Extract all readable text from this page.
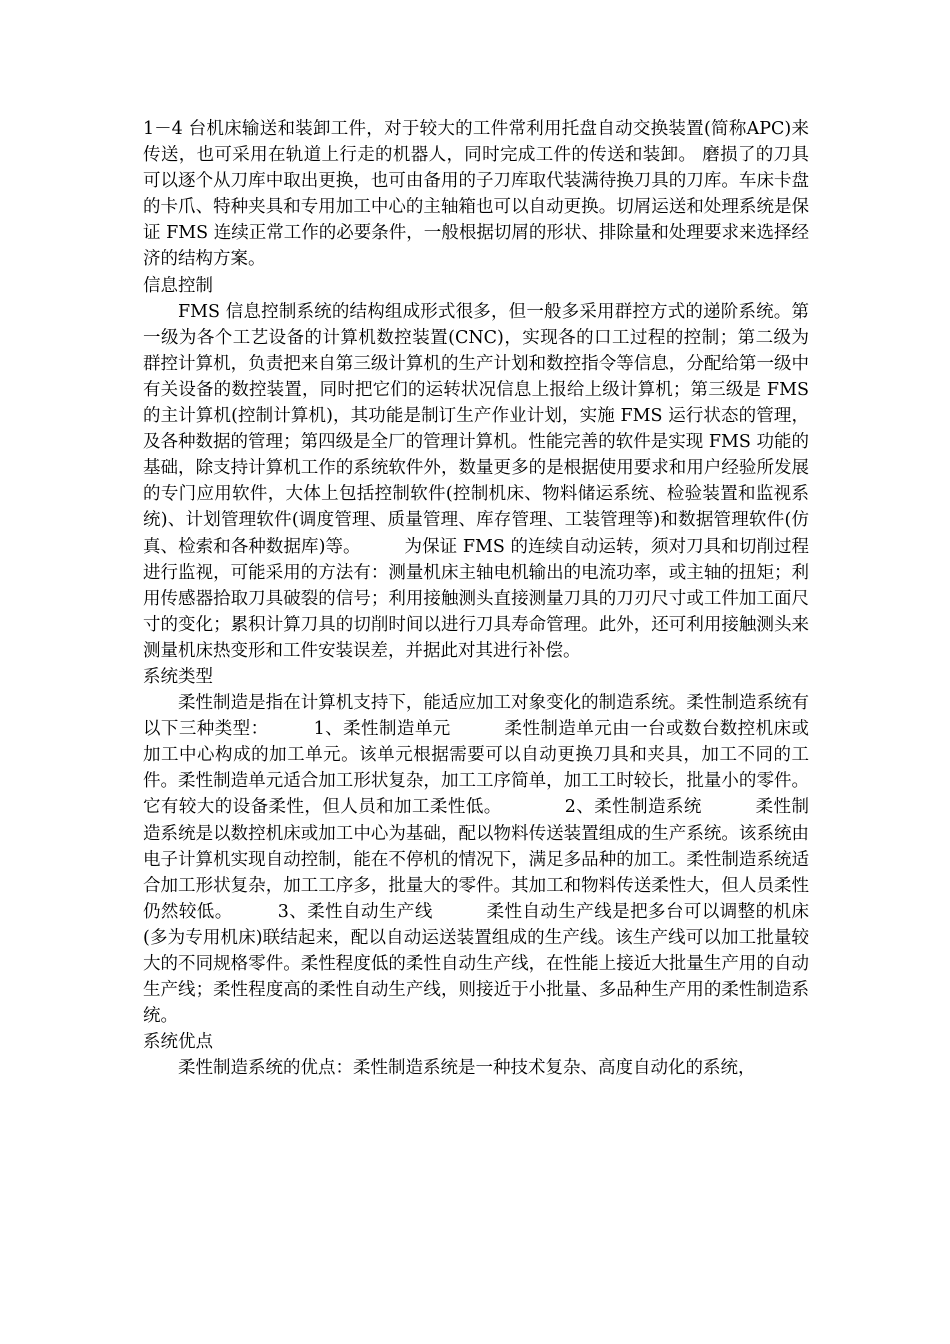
1－4 台机床输送和装卸工件，对于较大的工件常利用托盘自动交换装置(简称APC)来传送，也可采用在轨道上行走的机器人，同时完成工件的传送和装卸。 磨损了的刀具可以逐个从刀库中取出更换，也可由备用的子刀库取代装满待换刀具的刀库。车床卡盘的卡爪、特种夹具和专用加工中心的主轴箱也可以自动更换。切屑运送和处理系统是保证 FMS 连续正常工作的必要条件，一般根据切屑的形状、排除量和处理要求来选择经济的结构方案。

信息控制

FMS 信息控制系统的结构组成形式很多，但一般多采用群控方式的递阶系统。第一级为各个工艺设备的计算机数控装置(CNC)，实现各的口工过程的控制；第二级为群控计算机，负责把来自第三级计算机的生产计划和数控指令等信息，分配给第一级中有关设备的数控装置，同时把它们的运转状况信息上报给上级计算机；第三级是 FMS 的主计算机(控制计算机)，其功能是制订生产作业计划，实施 FMS 运行状态的管理，及各种数据的管理；第四级是全厂的管理计算机。性能完善的软件是实现 FMS 功能的基础，除支持计算机工作的系统软件外，数量更多的是根据使用要求和用户经验所发展的专门应用软件，大体上包括控制软件(控制机床、物料储运系统、检验装置和监视系统)、计划管理软件(调度管理、质量管理、库存管理、工装管理等)和数据管理软件(仿真、检索和各种数据库)等。　　　为保证 FMS 的连续自动运转，须对刀具和切削过程进行监视，可能采用的方法有：测量机床主轴电机输出的电流功率，或主轴的扭矩；利用传感器拾取刀具破裂的信号；利用接触测头直接测量刀具的刀刃尺寸或工件加工面尺寸的变化；累积计算刀具的切削时间以进行刀具寿命管理。此外，还可利用接触测头来测量机床热变形和工件安装误差，并据此对其进行补偿。

系统类型

柔性制造是指在计算机支持下，能适应加工对象变化的制造系统。柔性制造系统有以下三种类型：　　　1、柔性制造单元　　　柔性制造单元由一台或数台数控机床或加工中心构成的加工单元。该单元根据需要可以自动更换刀具和夹具，加工不同的工件。柔性制造单元适合加工形状复杂，加工工序简单，加工工时较长，批量小的零件。它有较大的设备柔性，但人员和加工柔性低。　　　　2、柔性制造系统　　　柔性制造系统是以数控机床或加工中心为基础，配以物料传送装置组成的生产系统。该系统由电子计算机实现自动控制，能在不停机的情况下，满足多品种的加工。柔性制造系统适合加工形状复杂，加工工序多，批量大的零件。其加工和物料传送柔性大，但人员柔性仍然较低。　　　3、柔性自动生产线　　　柔性自动生产线是把多台可以调整的机床(多为专用机床)联结起来，配以自动运送装置组成的生产线。该生产线可以加工批量较大的不同规格零件。柔性程度低的柔性自动生产线，在性能上接近大批量生产用的自动生产线；柔性程度高的柔性自动生产线，则接近于小批量、多品种生产用的柔性制造系统。

系统优点

柔性制造系统的优点：柔性制造系统是一种技术复杂、高度自动化的系统，
